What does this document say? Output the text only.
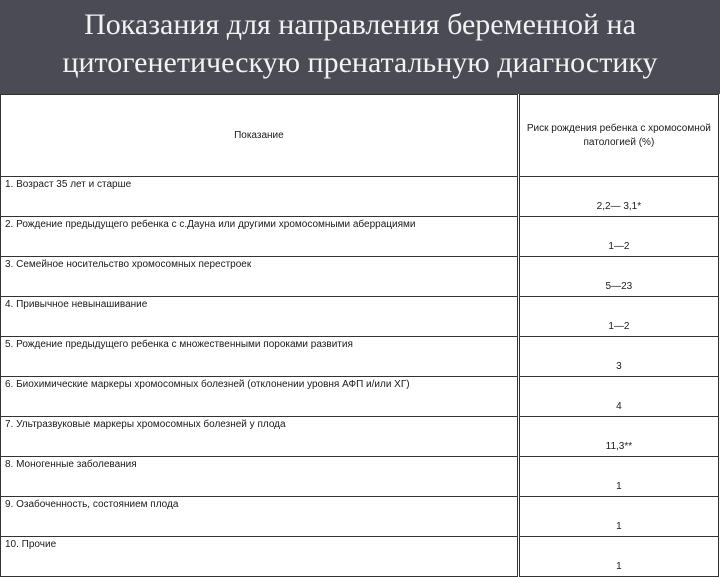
Показания для направления беременной на цитогенетическую пренатальную диагностику
Показание	Риск рождения ребенка с хромосомной патологией (%)
1. Возраст 35 лет и старше	2,2— 3,1*
2. Рождение предыдущего ребенка с с.Дауна или другими хромосомными аберрациями	1—2
3. Семейное носительство хромосомных перестроек	5—23
4. Привычное невынашивание	1—2
5. Рождение предыдущего ребенка с множественными пороками развития	3
6. Биохимические маркеры хромосомных болезней (отклонении уровня АФП и/или ХГ)	4
7. Ультразвуковые маркеры хромосомных болезней у плода	11,3**
8. Моногенные заболевания	1
9. Озабоченность, состоянием плода	1
10. Прочие	1
